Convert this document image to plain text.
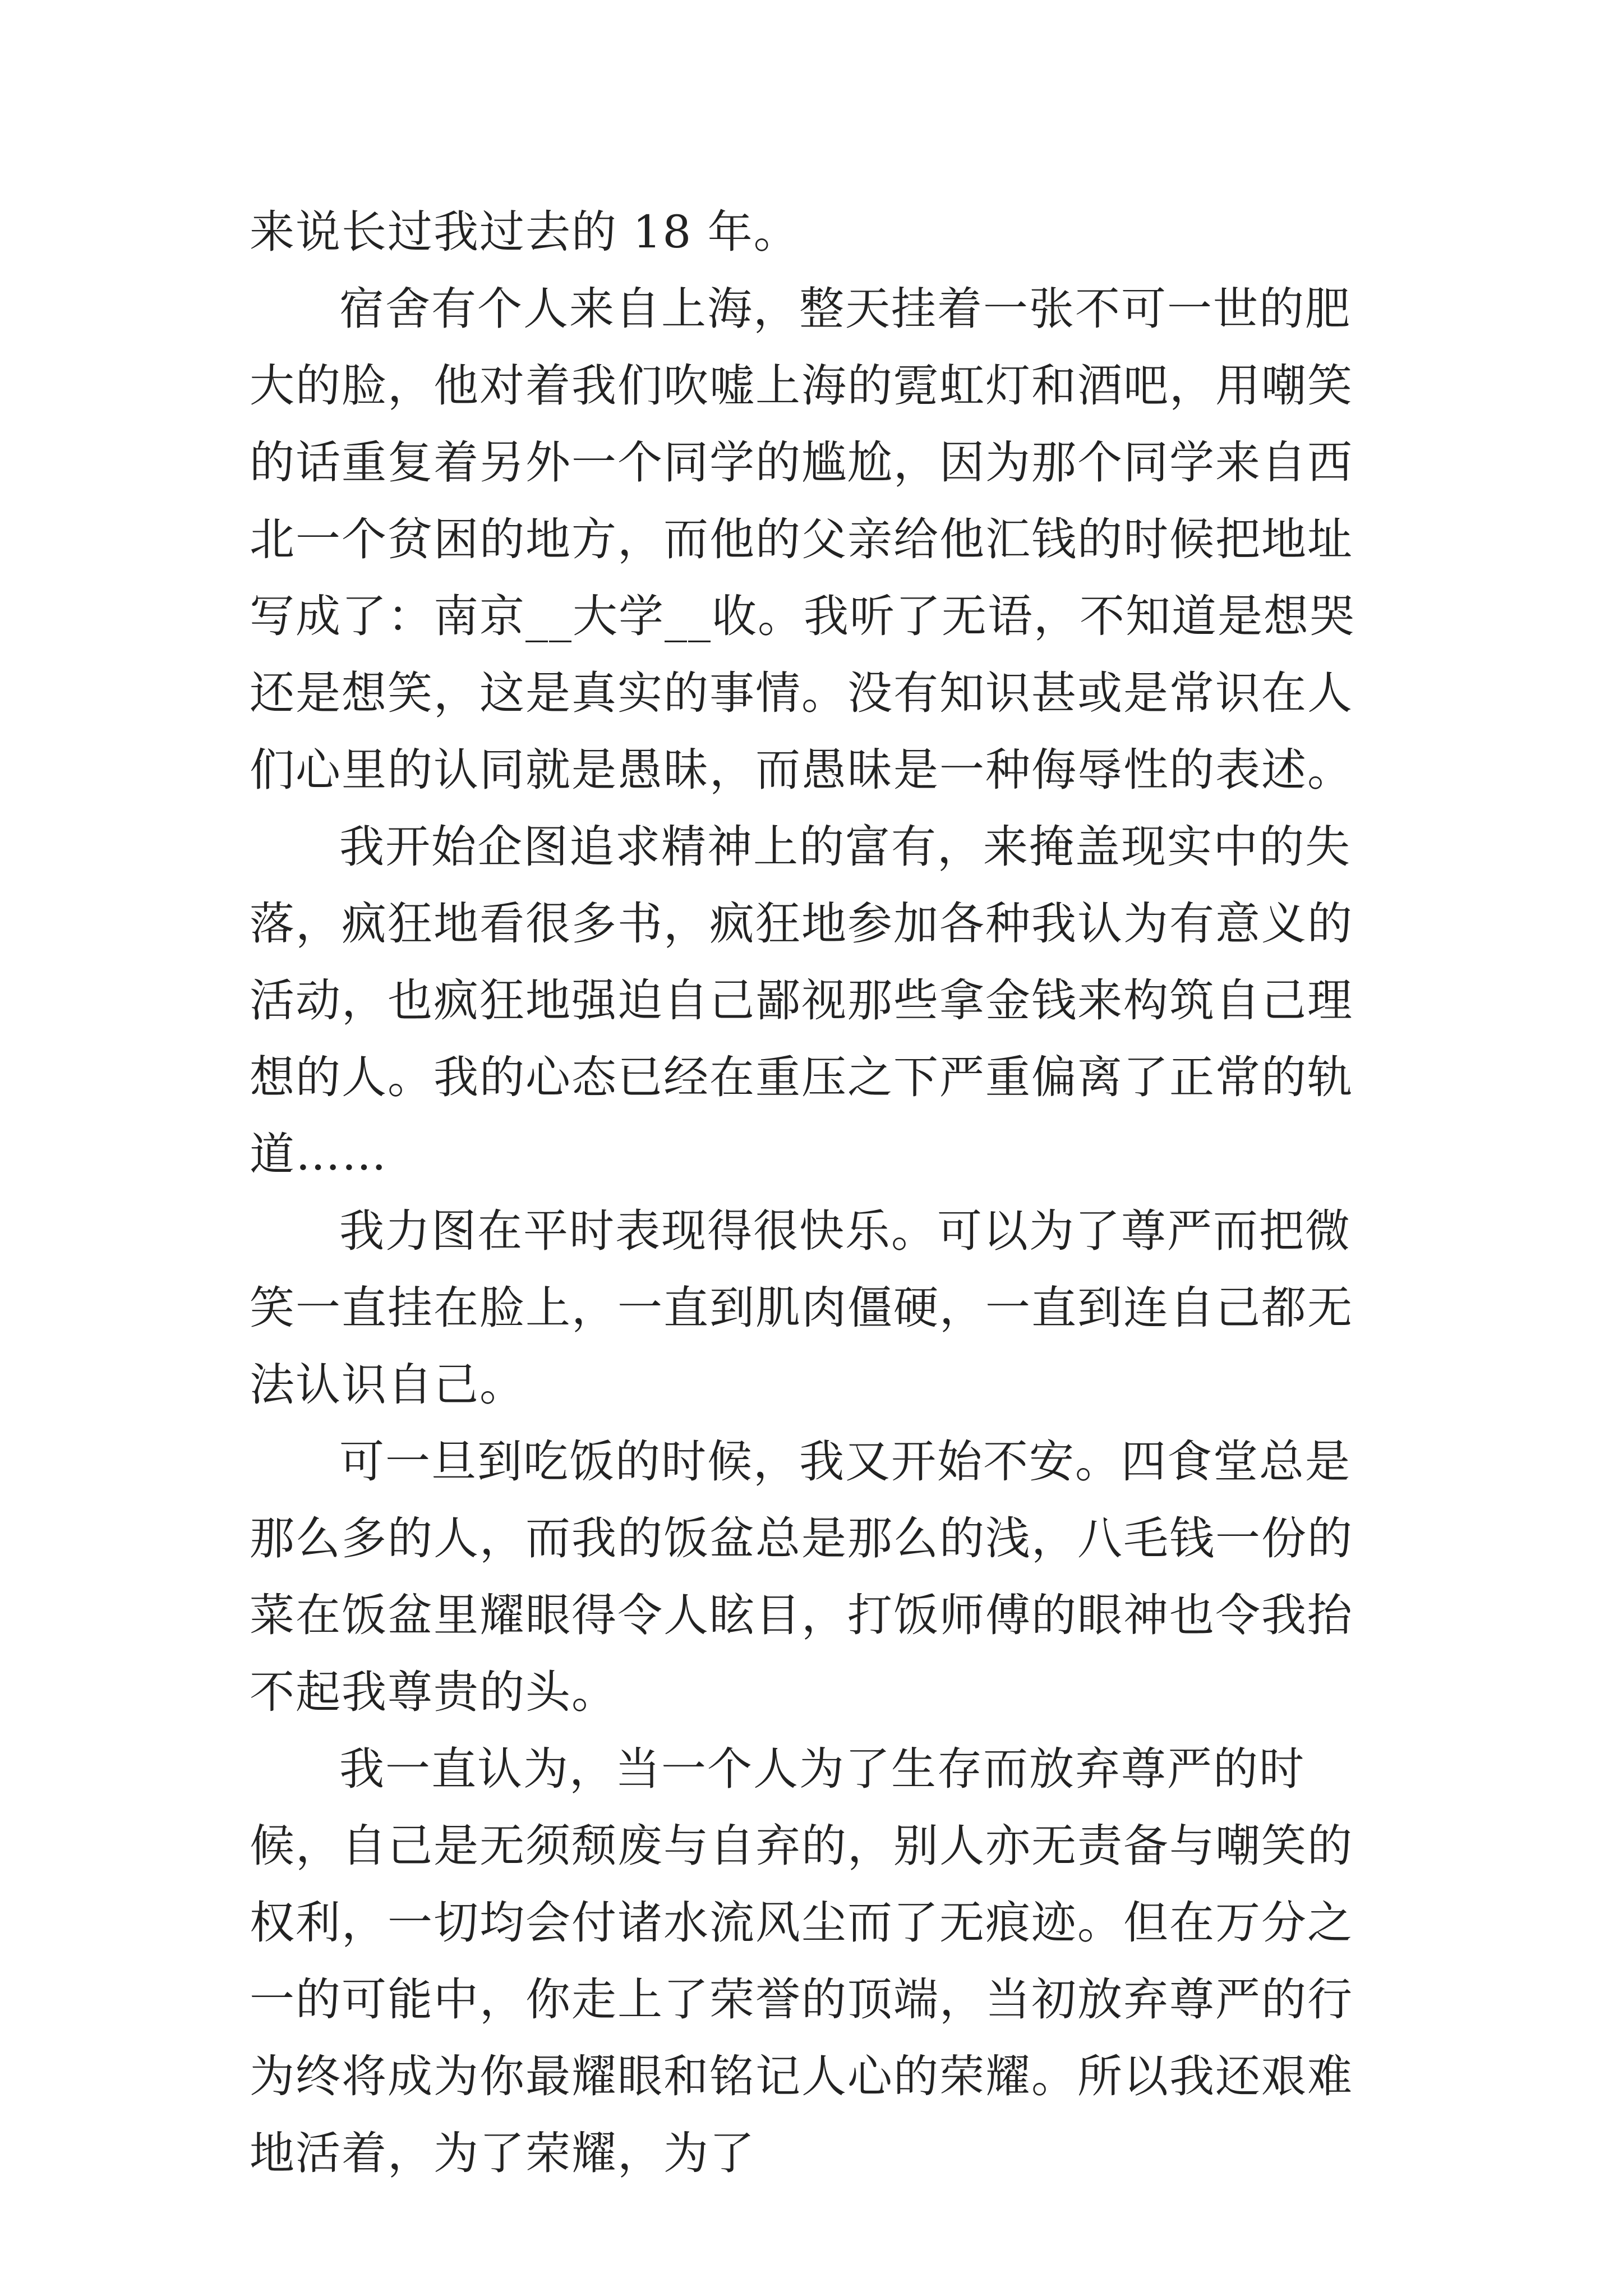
来说长过我过去的 18 年。

宿舍有个人来自上海，整天挂着一张不可一世的肥大的脸，他对着我们吹嘘上海的霓虹灯和酒吧，用嘲笑的话重复着另外一个同学的尴尬，因为那个同学来自西北一个贫困的地方，而他的父亲给他汇钱的时候把地址写成了：南京__大学__收。我听了无语，不知道是想哭还是想笑，这是真实的事情。没有知识甚或是常识在人们心里的认同就是愚昧，而愚昧是一种侮辱性的表述。

我开始企图追求精神上的富有，来掩盖现实中的失落，疯狂地看很多书，疯狂地参加各种我认为有意义的活动，也疯狂地强迫自己鄙视那些拿金钱来构筑自己理想的人。我的心态已经在重压之下严重偏离了正常的轨道……

我力图在平时表现得很快乐。可以为了尊严而把微笑一直挂在脸上，一直到肌肉僵硬，一直到连自己都无法认识自己。

可一旦到吃饭的时候，我又开始不安。四食堂总是那么多的人，而我的饭盆总是那么的浅，八毛钱一份的菜在饭盆里耀眼得令人眩目，打饭师傅的眼神也令我抬不起我尊贵的头。

我一直认为，当一个人为了生存而放弃尊严的时候，自己是无须颓废与自弃的，别人亦无责备与嘲笑的权利，一切均会付诸水流风尘而了无痕迹。但在万分之一的可能中，你走上了荣誉的顶端，当初放弃尊严的行为终将成为你最耀眼和铭记人心的荣耀。所以我还艰难地活着，为了荣耀，为了
